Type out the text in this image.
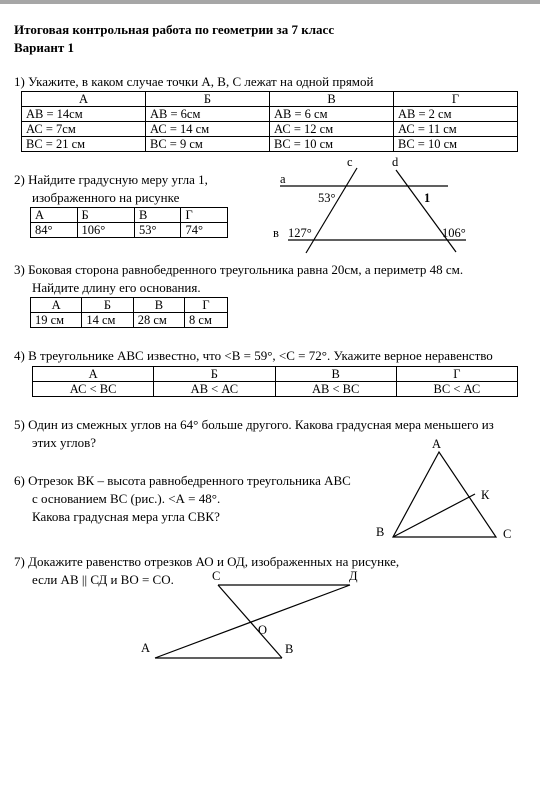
Итоговая контрольная работа по геометрии за 7 класс
Вариант 1
1) Укажите, в каком случае точки А, В, С лежат на одной прямой
А	Б	В	Г
АВ = 14см	АВ = 6см	АВ = 6 см	АВ = 2 см
АС = 7см	АС = 14 см	АС = 12 см	АС = 11 см
ВС = 21 см	ВС = 9 см	ВС = 10 см	ВС = 10 см
2) Найдите градусную меру угла 1,
изображенного на рисунке
А	Б	В	Г
84°	106°	53°	74°
a
в
c	d
53°	1
127°	106°
3) Боковая сторона равнобедренного треугольника равна 20см, а периметр 48 см.
Найдите длину его основания.
А	Б	В	Г
19 см	14 см	28 см	8 см
4) В треугольнике АВС известно, что <В = 59°, <С = 72°. Укажите верное неравенство
А	Б	В	Г
АС < ВС	АВ < АС	АВ < ВС	ВС < АС
5) Один из смежных углов на 64° больше другого. Какова градусная мера меньшего из
этих углов?
6) Отрезок ВК – высота равнобедренного треугольника АВС
с основанием ВС (рис.). <А = 48°.
Какова градусная мера угла СВК?
А
К
В	С
7) Докажите равенство отрезков АО и ОД, изображенных на рисунке,
если АВ || СД и ВО = СО.	С	Д
О
А	В
